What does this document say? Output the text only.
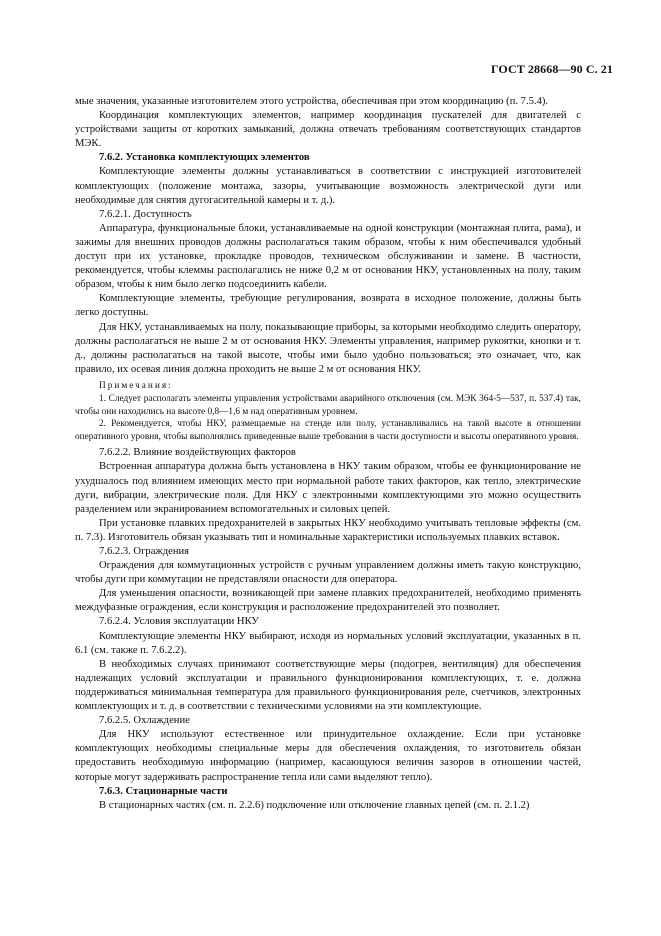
ГОСТ 28668—90 С. 21

мые значения, указанные изготовителем этого устройства, обеспечивая при этом координацию (п. 7.5.4).

Координация комплектующих элементов, например координация пускателей для двигателей с устройствами защиты от коротких замыканий, должна отвечать требованиям соответствующих стандартов МЭК.

7.6.2. Установка комплектующих элементов

Комплектующие элементы должны устанавливаться в соответствии с инструкцией изготовителей комплектующих (положение монтажа, зазоры, учитывающие возможность электрической дуги или необходимые для снятия дугогасительной камеры и т. д.).

7.6.2.1. Доступность

Аппаратура, функциональные блоки, устанавливаемые на одной конструкции (монтажная плита, рама), и зажимы для внешних проводов должны располагаться таким образом, чтобы к ним обеспечивался удобный доступ при их установке, прокладке проводов, техническом обслуживании и замене. В частности, рекомендуется, чтобы клеммы располагались не ниже 0,2 м от основания НКУ, установленных на полу, таким образом, чтобы к ним было легко подсоединить кабели.

Комплектующие элементы, требующие регулирования, возврата в исходное положение, должны быть легко доступны.

Для НКУ, устанавливаемых на полу, показывающие приборы, за которыми необходимо следить оператору, должны располагаться не выше 2 м от основания НКУ. Элементы управления, например рукоятки, кнопки и т. д., должны располагаться на такой высоте, чтобы ими было удобно пользоваться; это означает, что, как правило, их осевая линия должна проходить не выше 2 м от основания НКУ.

Примечания:

1. Следует располагать элементы управления устройствами аварийного отключения (см. МЭК 364-5—537, п. 537.4) так, чтобы они находились на высоте 0,8—1,6 м над оперативным уровнем.

2. Рекомендуется, чтобы НКУ, размещаемые на стенде или полу, устанавливались на такой высоте в отношении оперативного уровня, чтобы выполнялись приведенные выше требования в части доступности и высоты оперативного уровня.

7.6.2.2. Влияние воздействующих факторов

Встроенная аппаратура должна быть установлена в НКУ таким образом, чтобы ее функционирование не ухудшалось под влиянием имеющих место при нормальной работе таких факторов, как тепло, электрические дуги, вибрации, электрические поля. Для НКУ с электронными комплектующими это можно осуществить разделением или экранированием вспомогательных и силовых цепей.

При установке плавких предохранителей в закрытых НКУ необходимо учитывать тепловые эффекты (см. п. 7.3). Изготовитель обязан указывать тип и номинальные характеристики используемых плавких вставок.

7.6.2.3. Ограждения

Ограждения для коммутационных устройств с ручным управлением должны иметь такую конструкцию, чтобы дуги при коммутации не представляли опасности для оператора.

Для уменьшения опасности, возникающей при замене плавких предохранителей, необходимо применять междуфазные ограждения, если конструкция и расположение предохранителей это позволяет.

7.6.2.4. Условия эксплуатации НКУ

Комплектующие элементы НКУ выбирают, исходя из нормальных условий эксплуатации, указанных в п. 6.1 (см. также п. 7.6.2.2).

В необходимых случаях принимают соответствующие меры (подогрев, вентиляция) для обеспечения надлежащих условий эксплуатации и правильного функционирования комплектующих, т. е. должна поддерживаться минимальная температура для правильного функционирования реле, счетчиков, электронных комплектующих и т. д. в соответствии с техническими условиями на эти комплектующие.

7.6.2.5. Охлаждение

Для НКУ используют естественное или принудительное охлаждение. Если при установке комплектующих необходимы специальные меры для обеспечения охлаждения, то изготовитель обязан предоставить необходимую информацию (например, касающуюся величин зазоров в отношении частей, которые могут задерживать распространение тепла или сами выделяют тепло).

7.6.3. Стационарные части

В стационарных частях (см. п. 2.2.6) подключение или отключение главных цепей (см. п. 2.1.2)
